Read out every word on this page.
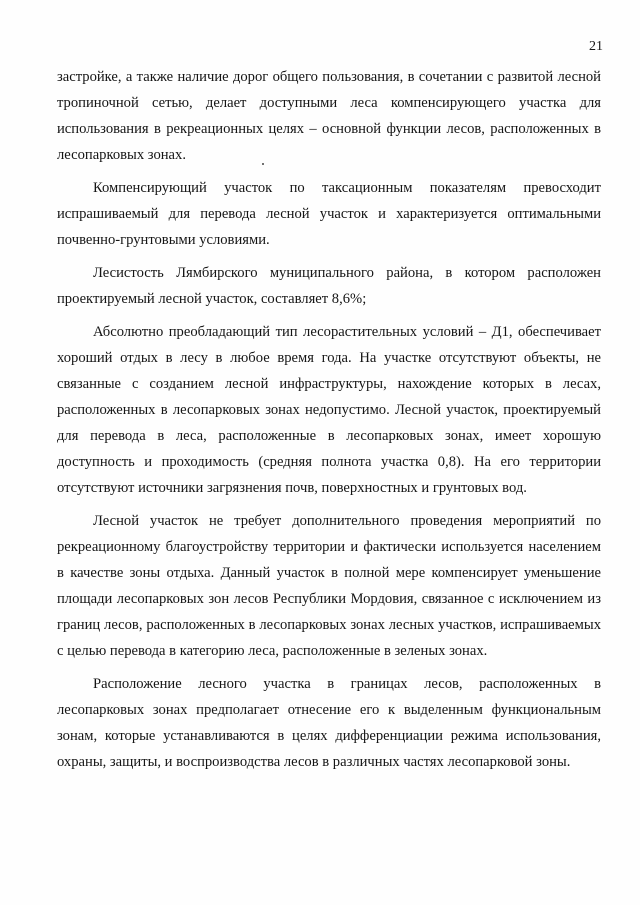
21

застройке, а также наличие дорог общего пользования, в сочетании с развитой лесной тропиночной сетью, делает доступными леса компенсирующего участка для использования в рекреационных целях – основной функции лесов, расположенных в лесопарковых зонах.

Компенсирующий участок по таксационным показателям превосходит испрашиваемый для перевода лесной участок и характеризуется оптимальными почвенно-грунтовыми условиями.

Лесистость Лямбирского муниципального района, в котором расположен проектируемый лесной участок, составляет 8,6%;

Абсолютно преобладающий тип лесорастительных условий – Д1, обеспечивает хороший отдых в лесу в любое время года. На участке отсутствуют объекты, не связанные с созданием лесной инфраструктуры, нахождение которых в лесах, расположенных в лесопарковых зонах недопустимо. Лесной участок, проектируемый для перевода в леса, расположенные в лесопарковых зонах, имеет хорошую доступность и проходимость (средняя полнота участка 0,8). На его территории отсутствуют источники загрязнения почв, поверхностных и грунтовых вод.

Лесной участок не требует дополнительного проведения мероприятий по рекреационному благоустройству территории и фактически используется населением в качестве зоны отдыха. Данный участок в полной мере компенсирует уменьшение площади лесопарковых зон лесов Республики Мордовия, связанное с исключением из границ лесов, расположенных в лесопарковых зонах лесных участков, испрашиваемых с целью перевода в категорию леса, расположенные в зеленых зонах.

Расположение лесного участка в границах лесов, расположенных в лесопарковых зонах предполагает отнесение его к выделенным функциональным зонам, которые устанавливаются в целях дифференциации режима использования, охраны, защиты, и воспроизводства лесов в различных частях лесопарковой зоны.
